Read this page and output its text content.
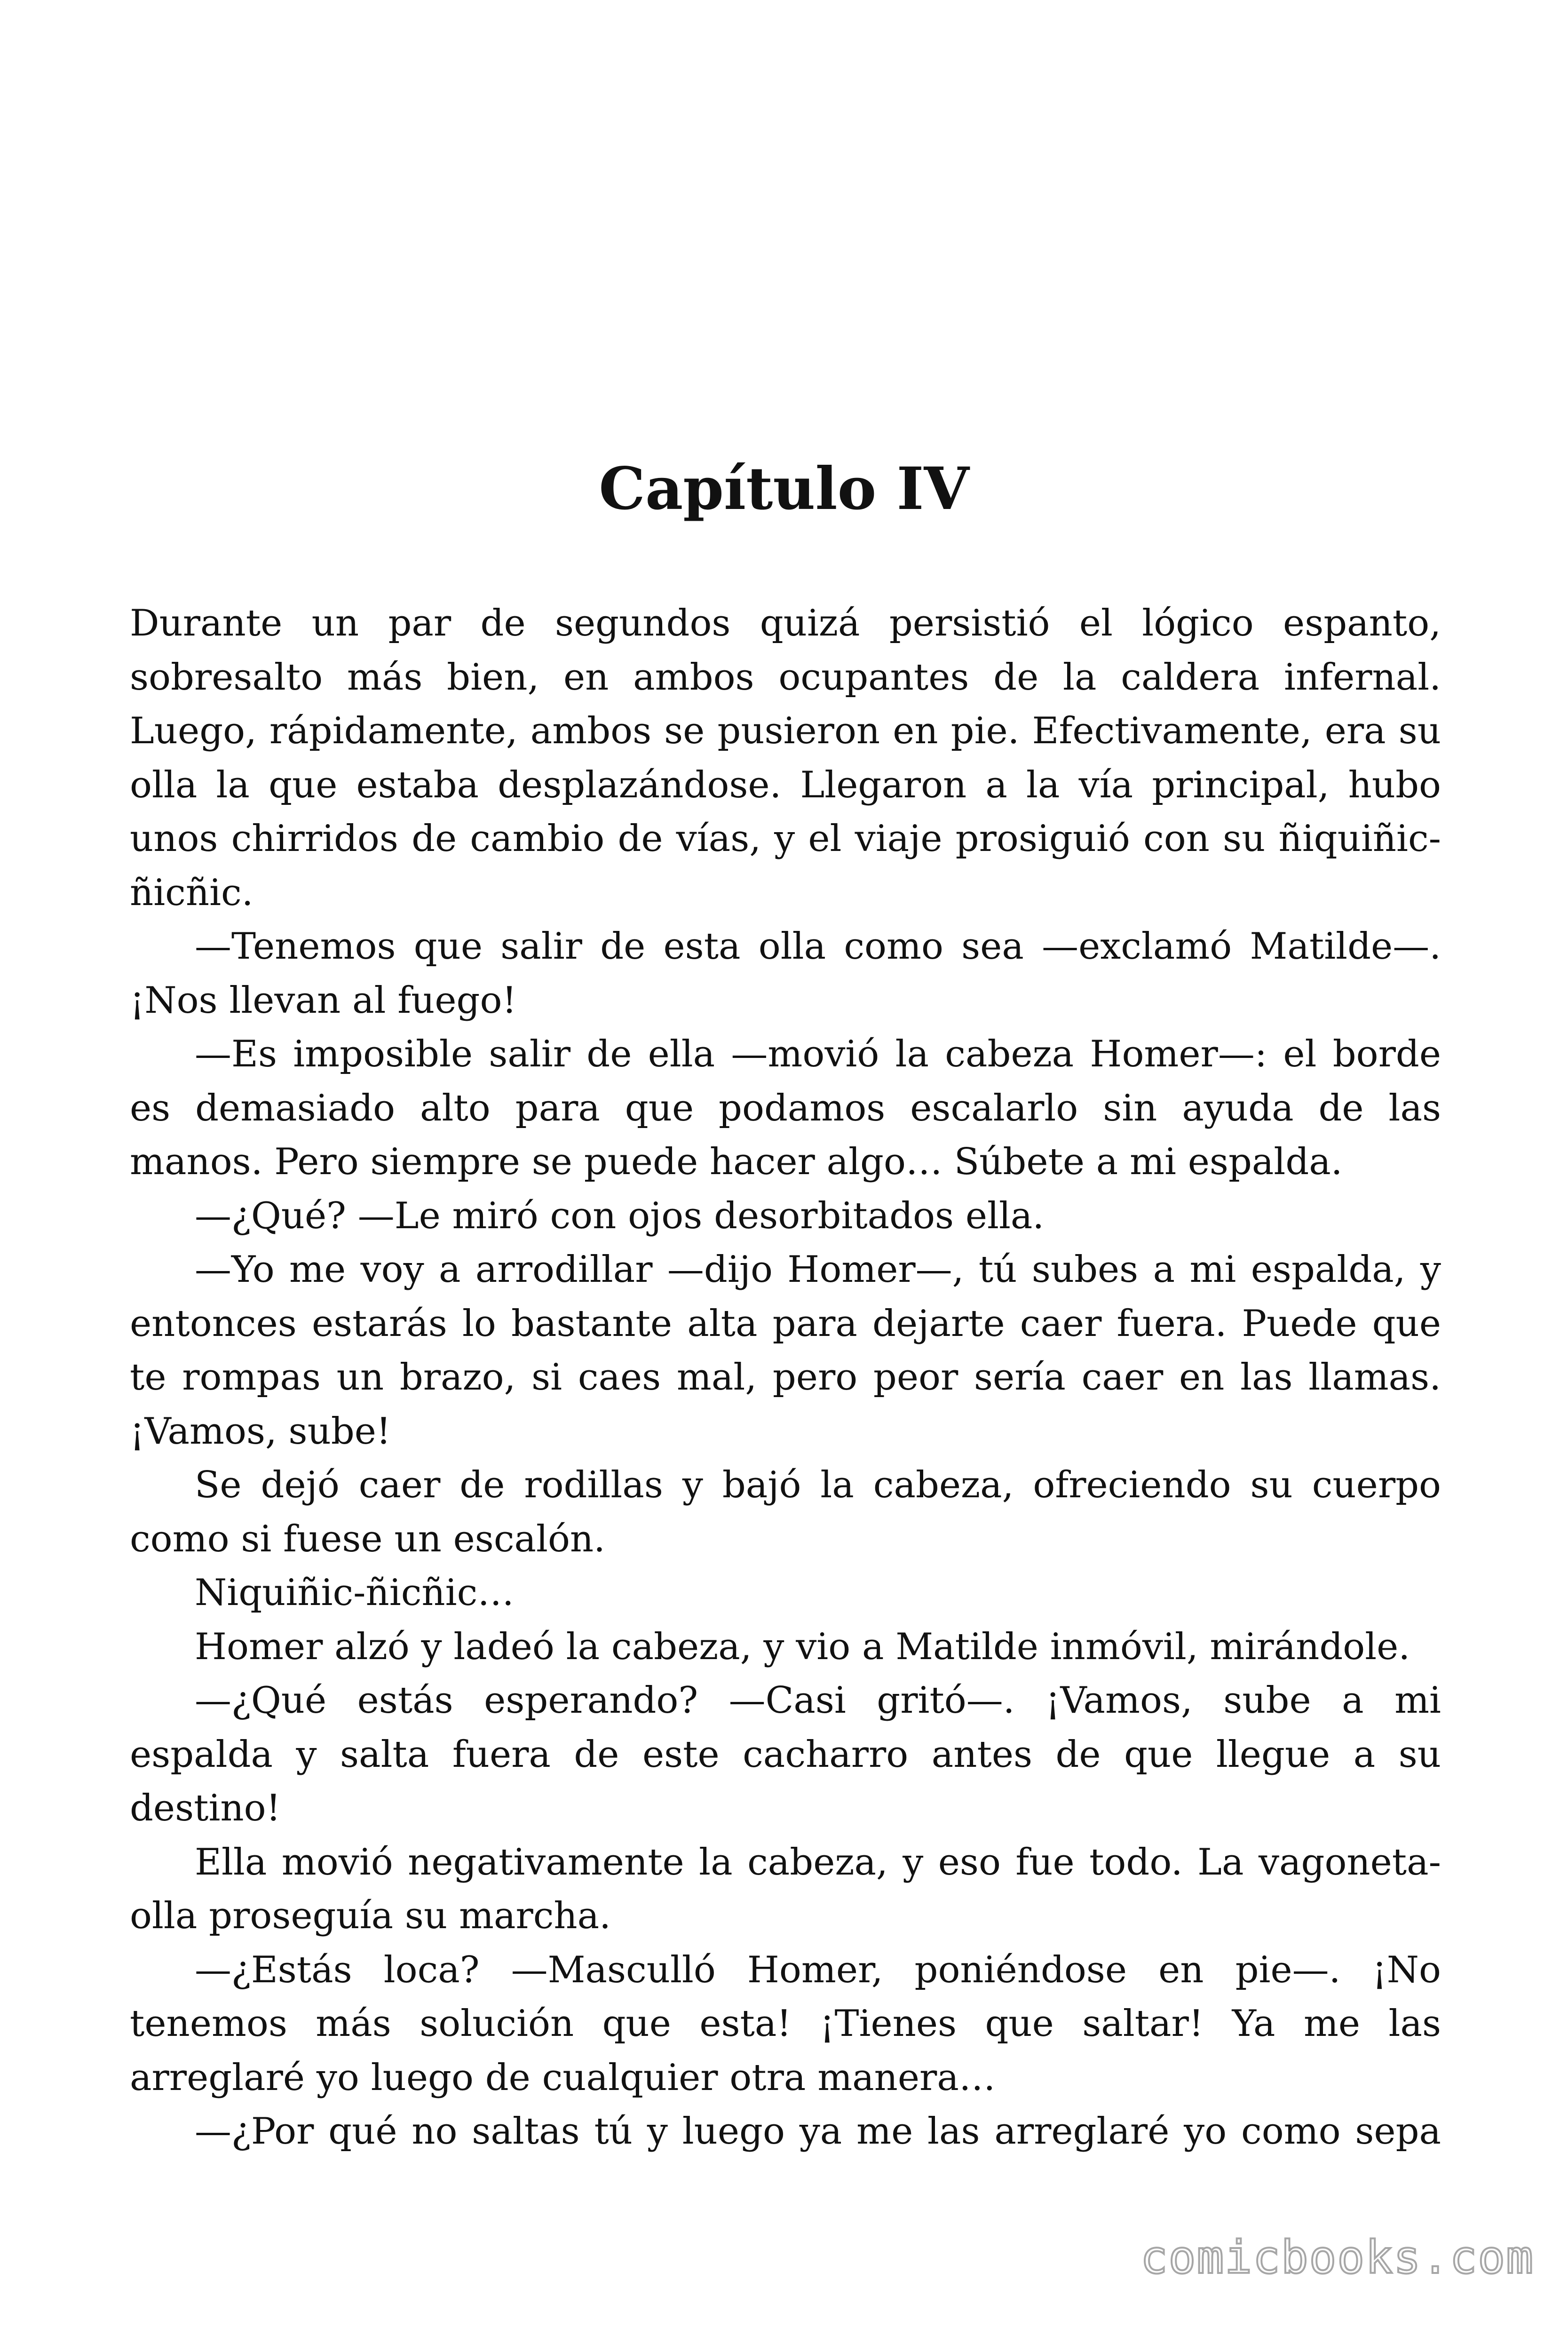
Capítulo IV

Durante un par de segundos quizá persistió el lógico espanto, sobresalto más bien, en ambos ocupantes de la caldera infernal. Luego, rápidamente, ambos se pusieron en pie. Efectivamente, era su olla la que estaba desplazándose. Llegaron a la vía principal, hubo unos chirridos de cambio de vías, y el viaje prosiguió con su ñiquiñic-ñicñic.

—Tenemos que salir de esta olla como sea —exclamó Matilde—. ¡Nos llevan al fuego!

—Es imposible salir de ella —movió la cabeza Homer—: el borde es demasiado alto para que podamos escalarlo sin ayuda de las manos. Pero siempre se puede hacer algo… Súbete a mi espalda.

—¿Qué? —Le miró con ojos desorbitados ella.

—Yo me voy a arrodillar —dijo Homer—, tú subes a mi espalda, y entonces estarás lo bastante alta para dejarte caer fuera. Puede que te rompas un brazo, si caes mal, pero peor sería caer en las llamas. ¡Vamos, sube!

Se dejó caer de rodillas y bajó la cabeza, ofreciendo su cuerpo como si fuese un escalón.

Niquiñic-ñicñic…

Homer alzó y ladeó la cabeza, y vio a Matilde inmóvil, mirándole.

—¿Qué estás esperando? —Casi gritó—. ¡Vamos, sube a mi espalda y salta fuera de este cacharro antes de que llegue a su destino!

Ella movió negativamente la cabeza, y eso fue todo. La vagoneta-olla proseguía su marcha.

—¿Estás loca? —Masculló Homer, poniéndose en pie—. ¡No tenemos más solución que esta! ¡Tienes que saltar! Ya me las arreglaré yo luego de cualquier otra manera…

—¿Por qué no saltas tú y luego ya me las arreglaré yo como sepa

comicbooks.com
